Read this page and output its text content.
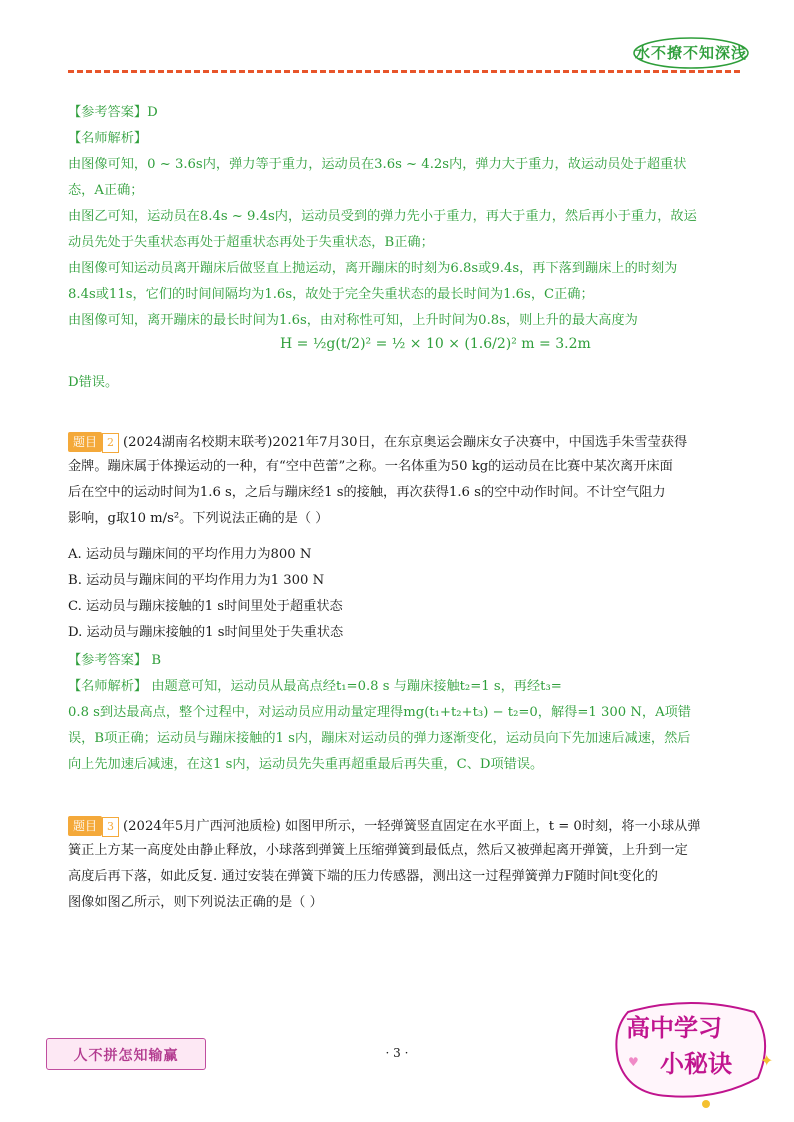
水不撩不知深浅
【参考答案】D
【名师解析】
由图像可知，0 ~ 3.6s内，弹力等于重力，运动员在3.6s ~ 4.2s内，弹力大于重力，故运动员处于超重状
态，A正确；
由图乙可知，运动员在8.4s ~ 9.4s内，运动员受到的弹力先小于重力，再大于重力，然后再小于重力，故运
动员先处于失重状态再处于超重状态再处于失重状态，B正确；
由图像可知运动员离开蹦床后做竖直上抛运动，离开蹦床的时刻为6.8s或9.4s，再下落到蹦床上的时刻为
8.4s或11s，它们的时间间隔均为1.6s，故处于完全失重状态的最长时间为1.6s，C正确；
由图像可知，离开蹦床的最长时间为1.6s，由对称性可知，上升时间为0.8s，则上升的最大高度为
H = ½g(t/2)² = ½ × 10 × (1.6/2)² m = 3.2m
D错误。
题目 2 (2024湖南名校期末联考)2021年7月30日，在东京奥运会蹦床女子决赛中，中国选手朱雪莹获得
金牌。蹦床属于体操运动的一种，有“空中芭蕾”之称。一名体重为50 kg的运动员在比赛中某次离开床面
后在空中的运动时间为1.6 s，之后与蹦床经1 s的接触，再次获得1.6 s的空中动作时间。不计空气阻力
影响，g取10 m/s²。下列说法正确的是（ ）
A. 运动员与蹦床间的平均作用力为800 N
B. 运动员与蹦床间的平均作用力为1 300 N
C. 运动员与蹦床接触的1 s时间里处于超重状态
D. 运动员与蹦床接触的1 s时间里处于失重状态
【参考答案】 B
【名师解析】 由题意可知，运动员从最高点经t₁=0.8 s 与蹦床接触t₂=1 s，再经t₃=
0.8 s到达最高点，整个过程中，对运动员应用动量定理得mg(t₁+t₂+t₃) − t₂=0，解得=1 300 N，A项错
误，B项正确；运动员与蹦床接触的1 s内，蹦床对运动员的弹力逐渐变化，运动员向下先加速后减速，然后
向上先加速后减速，在这1 s内，运动员先失重再超重最后再失重，C、D项错误。
题目 3 (2024年5月广西河池质检) 如图甲所示，一轻弹簧竖直固定在水平面上，t = 0时刻，将一小球从弹
簧正上方某一高度处由静止释放，小球落到弹簧上压缩弹簧到最低点，然后又被弹起离开弹簧，上升到一定
高度后再下落，如此反复. 通过安装在弹簧下端的压力传感器，测出这一过程弹簧弹力F随时间t变化的
图像如图乙所示，则下列说法正确的是（ ）
人不拼怎知输赢	· 3 ·	✦
♥
高中学习
小秘诀
